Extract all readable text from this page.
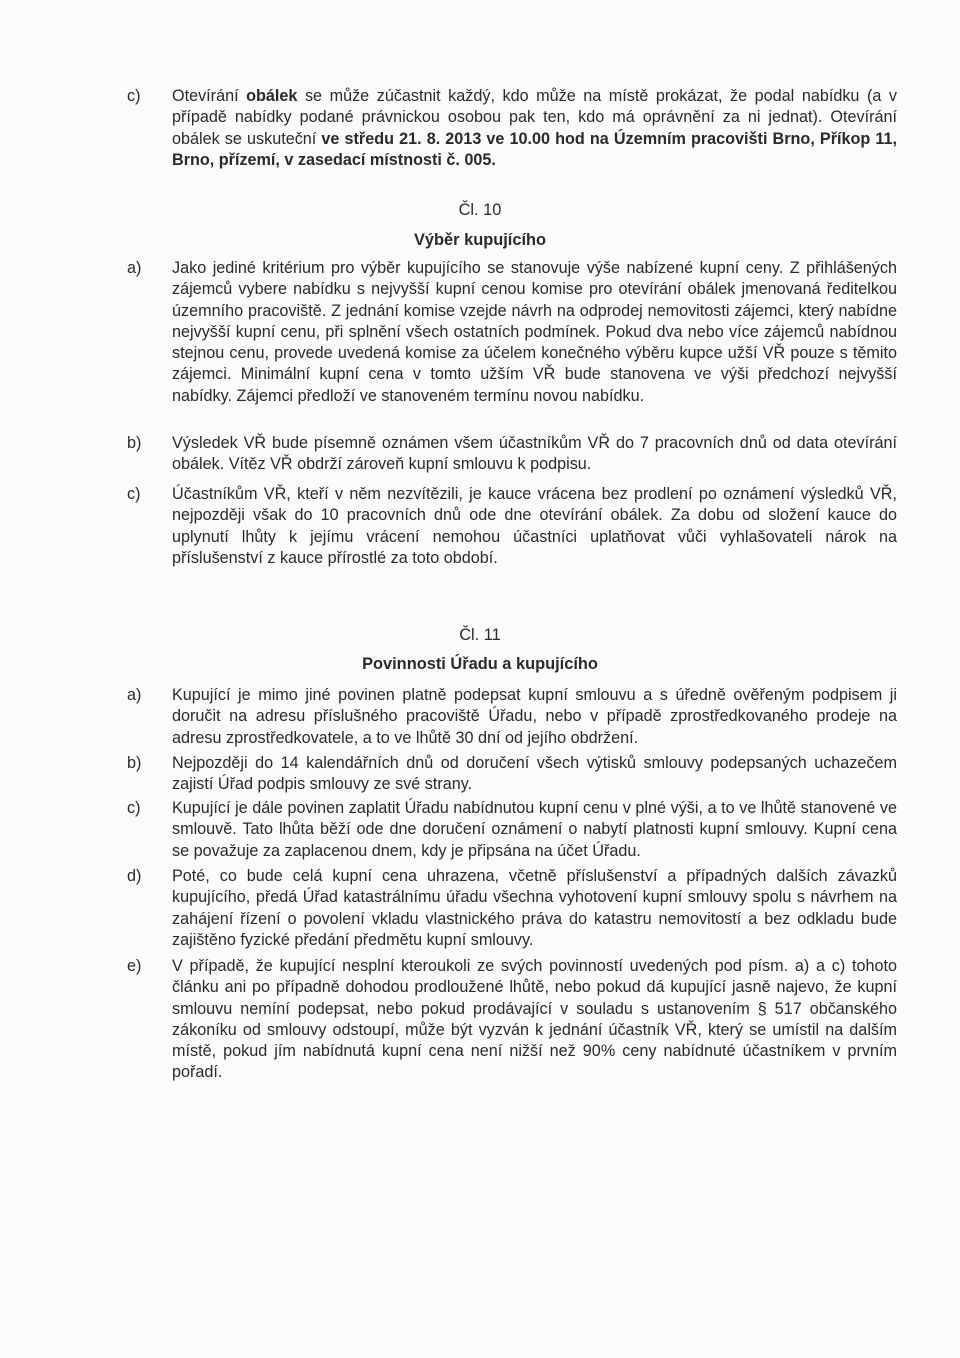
c)	Otevírání obálek se může zúčastnit každý, kdo může na místě prokázat, že podal nabídku (a v případě nabídky podané právnickou osobou pak ten, kdo má oprávnění za ni jednat). Otevírání obálek se uskuteční ve středu 21. 8. 2013 ve 10.00 hod na Územním pracovišti Brno, Příkop 11, Brno, přízemí, v zasedací místnosti č. 005.
Čl. 10
Výběr kupujícího
a)	Jako jediné kritérium pro výběr kupujícího se stanovuje výše nabízené kupní ceny. Z přihlášených zájemců vybere nabídku s nejvyšší kupní cenou komise pro otevírání obálek jmenovaná ředitelkou územního pracoviště. Z jednání komise vzejde návrh na odprodej nemovitosti zájemci, který nabídne nejvyšší kupní cenu, při splnění všech ostatních podmínek. Pokud dva nebo více zájemců nabídnou stejnou cenu, provede uvedená komise za účelem konečného výběru kupce užší VŘ pouze s těmito zájemci. Minimální kupní cena v tomto užším VŘ bude stanovena ve výši předchozí nejvyšší nabídky. Zájemci předloží ve stanoveném termínu novou nabídku.
b)	Výsledek VŘ bude písemně oznámen všem účastníkům VŘ do 7 pracovních dnů od data otevírání obálek. Vítěz VŘ obdrží zároveň kupní smlouvu k podpisu.
c)	Účastníkům VŘ, kteří v něm nezvítězili, je kauce vrácena bez prodlení po oznámení výsledků VŘ, nejpozději však do 10 pracovních dnů ode dne otevírání obálek. Za dobu od složení kauce do uplynutí lhůty k jejímu vrácení nemohou účastníci uplatňovat vůči vyhlašovateli nárok na příslušenství z kauce přírostlé za toto období.
Čl. 11
Povinnosti Úřadu a kupujícího
a)	Kupující je mimo jiné povinen platně podepsat kupní smlouvu a s úředně ověřeným podpisem ji doručit na adresu příslušného pracoviště Úřadu, nebo v případě zprostředkovaného prodeje na adresu zprostředkovatele, a to ve lhůtě 30 dní od jejího obdržení.
b)	Nejpozději do 14 kalendářních dnů od doručení všech výtisků smlouvy podepsaných uchazečem zajistí Úřad podpis smlouvy ze své strany.
c)	Kupující je dále povinen zaplatit Úřadu nabídnutou kupní cenu v plné výši, a to ve lhůtě stanovené ve smlouvě. Tato lhůta běží ode dne doručení oznámení o nabytí platnosti kupní smlouvy. Kupní cena se považuje za zaplacenou dnem, kdy je připsána na účet Úřadu.
d)	Poté, co bude celá kupní cena uhrazena, včetně příslušenství a případných dalších závazků kupujícího, předá Úřad katastrálnímu úřadu všechna vyhotovení kupní smlouvy spolu s návrhem na zahájení řízení o povolení vkladu vlastnického práva do katastru nemovitostí a bez odkladu bude zajištěno fyzické předání předmětu kupní smlouvy.
e)	V případě, že kupující nesplní kteroukoli ze svých povinností uvedených pod písm. a) a c) tohoto článku ani po případně dohodou prodloužené lhůtě, nebo pokud dá kupující jasně najevo, že kupní smlouvu nemíní podepsat, nebo pokud prodávající v souladu s ustanovením § 517 občanského zákoníku od smlouvy odstoupí, může být vyzván k jednání účastník VŘ, který se umístil na dalším místě, pokud jím nabídnutá kupní cena není nižší než 90% ceny nabídnuté účastníkem v prvním pořadí.
